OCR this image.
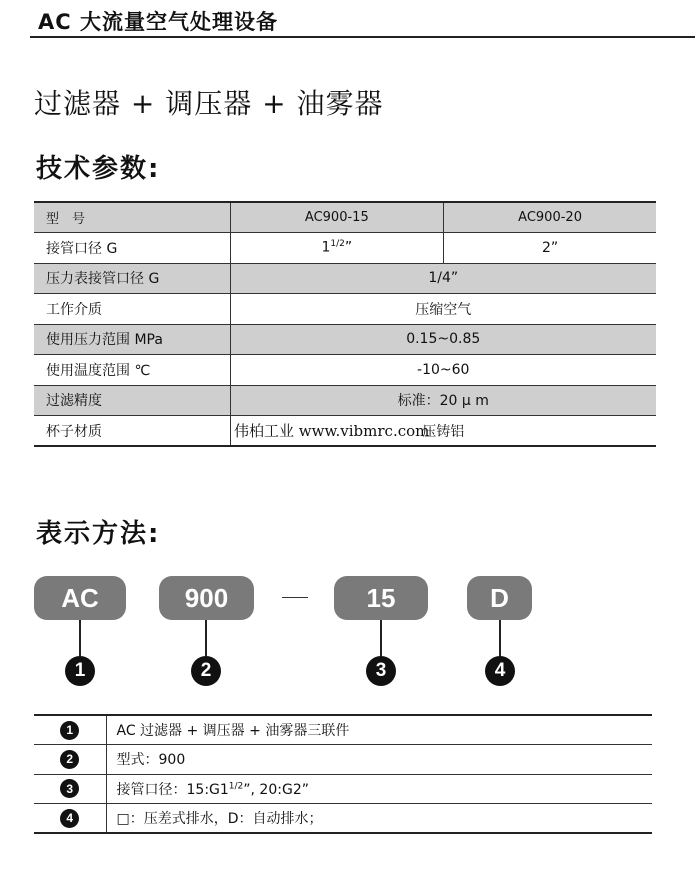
AC 大流量空气处理设备
过滤器 + 调压器 + 油雾器
技术参数:
型　号	AC900-15	AC900-20
接管口径 G	$1^{1/2}$”	2”
压力表接管口径 G	1/4”	
工作介质	压缩空气	
使用压力范围 MPa	0.15~0.85	
使用温度范围 ℃	-10~60	
过滤精度	标准：20 μ m	
杯子材质	压铸铝	
伟柏工业 www.vibmrc.com
表示方法:
AC	900	15	D
1	2	3	4
1	AC 过滤器 + 调压器 + 油雾器三联件
2	型式：900
3	接管口径：$15:G1^{1/2}$”, 20:G2”
4	□：压差式排水，D：自动排水；
